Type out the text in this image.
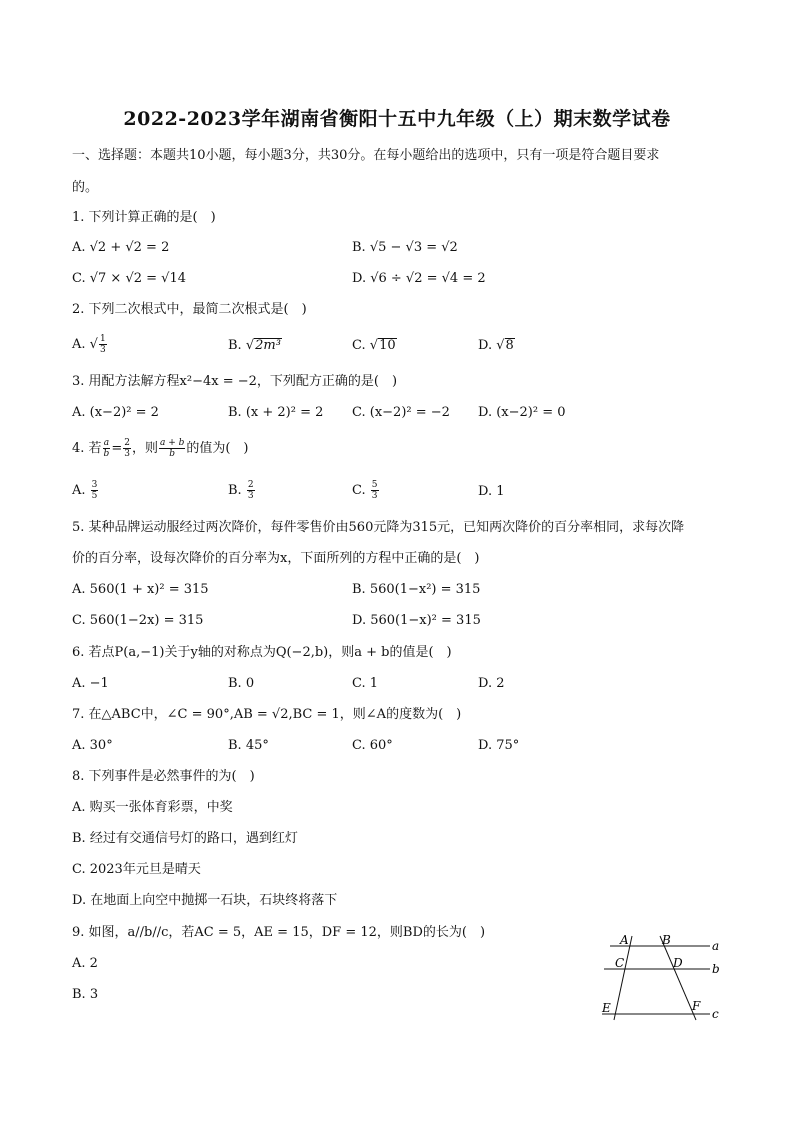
2022-2023学年湖南省衡阳十五中九年级（上）期末数学试卷
一、选择题：本题共10小题，每小题3分，共30分。在每小题给出的选项中，只有一项是符合题目要求
的。
1. 下列计算正确的是(　)
A. √2 + √2 = 2	B. √5 − √3 = √2
C. √7 × √2 = √14	D. √6 ÷ √2 = √4 = 2
2. 下列二次根式中，最简二次根式是(　)
A. √ $\frac{1}{3}$	B. √2m³	C. √10	D. √8
3. 用配方法解方程x²−4x = −2，下列配方正确的是(　)
A. (x−2)² = 2	B. (x + 2)² = 2 C. (x−2)² = −2 D. (x−2)² = 0
4. 若 $\frac{a}{b} = \frac{2}{3}$ ，则 $\frac{a + b}{b}$ 的值为(　)
A. $\frac{3}{5}$	B. $\frac{2}{3}$	C. $\frac{5}{3}$	D. 1
5. 某种品牌运动服经过两次降价，每件零售价由560元降为315元，已知两次降价的百分率相同，求每次降
价的百分率，设每次降价的百分率为x，下面所列的方程中正确的是(　)
A. 560(1 + x)² = 315	B. 560(1−x²) = 315
C. 560(1−2x) = 315	D. 560(1−x)² = 315
6. 若点P(a,−1)关于y轴的对称点为Q(−2,b)，则a + b的值是(　)
A. −1	B. 0	C. 1	D. 2
7. 在△ABC中，∠C = 90°,AB = √2,BC = 1，则∠A的度数为(　)
A. 30°	B. 45°	C. 60°	D. 75°
8. 下列事件是必然事件的为(　)
A. 购买一张体育彩票，中奖
B. 经过有交通信号灯的路口，遇到红灯
C. 2023年元旦是晴天
D. 在地面上向空中抛掷一石块，石块终将落下
9. 如图，a//b//c，若AC = 5，AE = 15，DF = 12，则BD的长为(　)
A. 2
B. 3
A	B
C	D
E	F
a
b
c
